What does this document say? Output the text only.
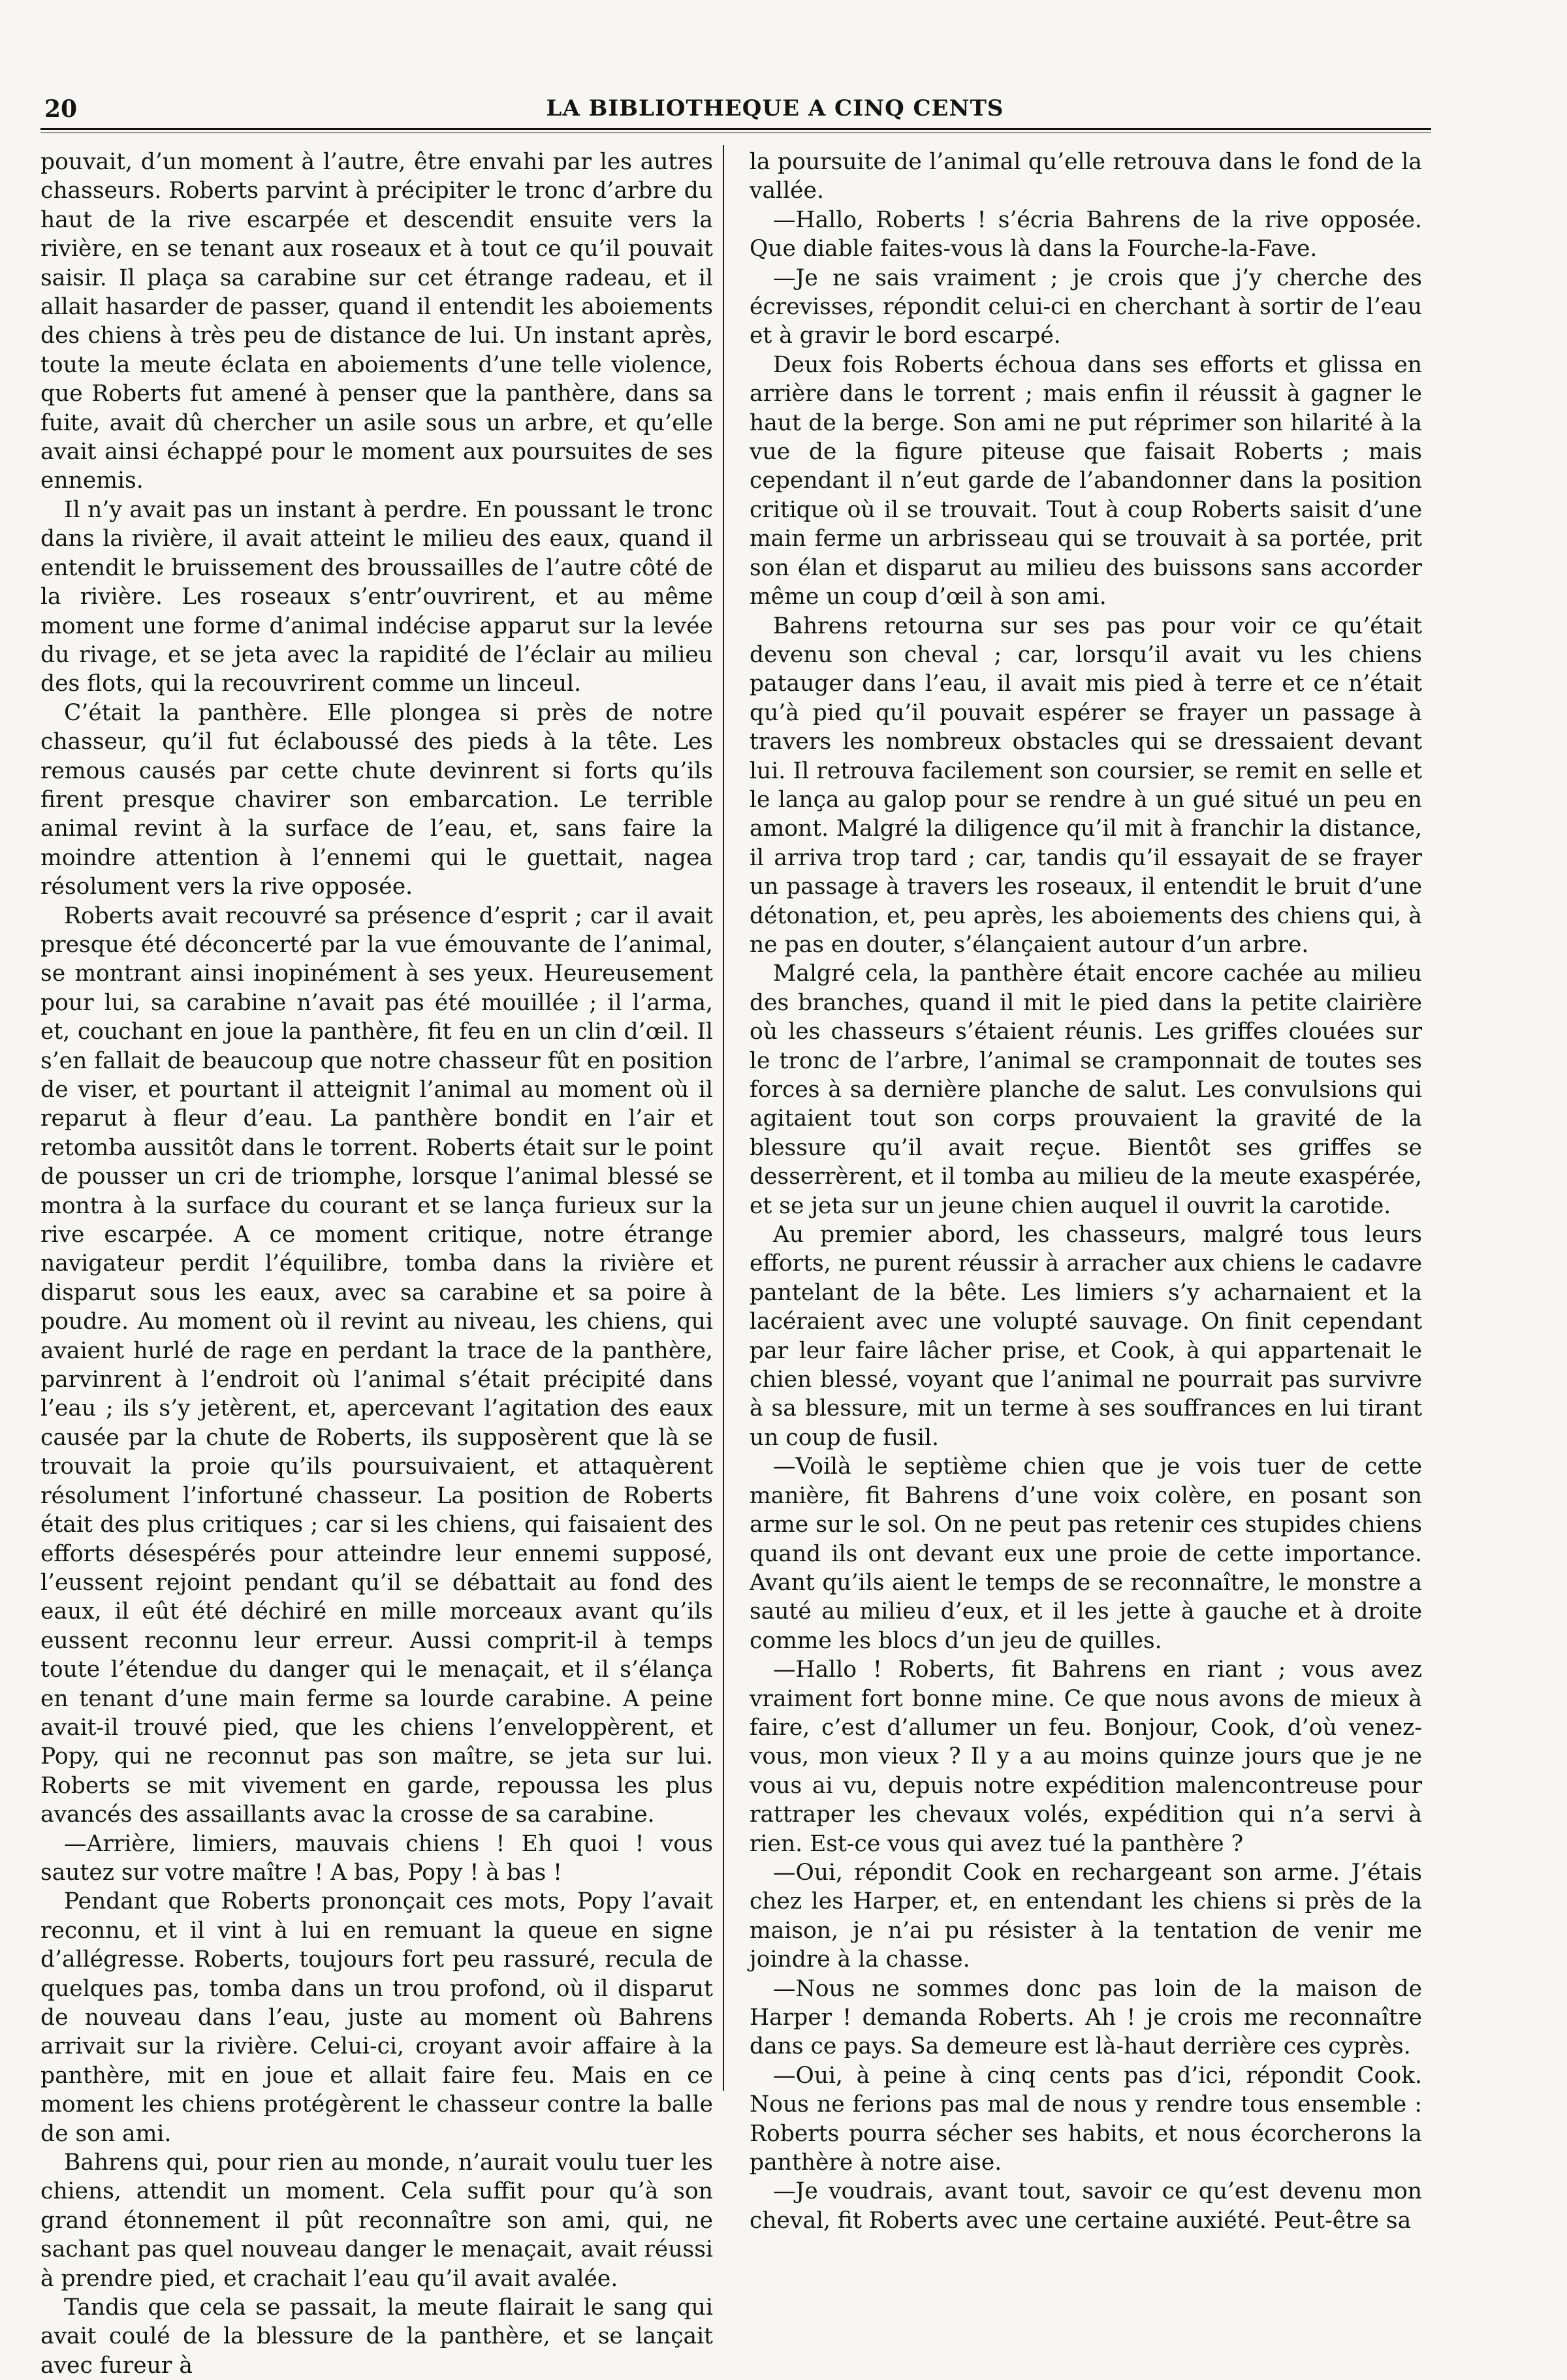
20	LA BIBLIOTHEQUE A CINQ CENTS

pouvait, d’un moment à l’autre, être envahi par les autres chasseurs. Roberts parvint à précipiter le tronc d’arbre du haut de la rive escarpée et descendit ensuite vers la rivière, en se tenant aux roseaux et à tout ce qu’il pouvait saisir. Il plaça sa carabine sur cet étrange radeau, et il allait hasarder de passer, quand il entendit les aboiements des chiens à très peu de distance de lui. Un instant après, toute la meute éclata en aboiements d’une telle violence, que Roberts fut amené à penser que la panthère, dans sa fuite, avait dû chercher un asile sous un arbre, et qu’elle avait ainsi échappé pour le moment aux poursuites de ses ennemis.

Il n’y avait pas un instant à perdre. En poussant le tronc dans la rivière, il avait atteint le milieu des eaux, quand il entendit le bruissement des broussailles de l’autre côté de la rivière. Les roseaux s’entr’ouvrirent, et au même moment une forme d’animal indécise apparut sur la levée du rivage, et se jeta avec la rapidité de l’éclair au milieu des flots, qui la recouvrirent comme un linceul.

C’était la panthère. Elle plongea si près de notre chasseur, qu’il fut éclaboussé des pieds à la tête. Les remous causés par cette chute devinrent si forts qu’ils firent presque chavirer son embarcation. Le terrible animal revint à la surface de l’eau, et, sans faire la moindre attention à l’ennemi qui le guettait, nagea résolument vers la rive opposée.

Roberts avait recouvré sa présence d’esprit ; car il avait presque été déconcerté par la vue émouvante de l’animal, se montrant ainsi inopinément à ses yeux. Heureusement pour lui, sa carabine n’avait pas été mouillée ; il l’arma, et, couchant en joue la panthère, fit feu en un clin d’œil. Il s’en fallait de beaucoup que notre chasseur fût en position de viser, et pourtant il atteignit l’animal au moment où il reparut à fleur d’eau. La panthère bondit en l’air et retomba aussitôt dans le torrent. Roberts était sur le point de pousser un cri de triomphe, lorsque l’animal blessé se montra à la surface du courant et se lança furieux sur la rive escarpée. A ce moment critique, notre étrange navigateur perdit l’équilibre, tomba dans la rivière et disparut sous les eaux, avec sa carabine et sa poire à poudre. Au moment où il revint au niveau, les chiens, qui avaient hurlé de rage en perdant la trace de la panthère, parvinrent à l’endroit où l’animal s’était précipité dans l’eau ; ils s’y jetèrent, et, apercevant l’agitation des eaux causée par la chute de Roberts, ils supposèrent que là se trouvait la proie qu’ils poursuivaient, et attaquèrent résolument l’infortuné chasseur. La position de Roberts était des plus critiques ; car si les chiens, qui faisaient des efforts désespérés pour atteindre leur ennemi supposé, l’eussent rejoint pendant qu’il se débattait au fond des eaux, il eût été déchiré en mille morceaux avant qu’ils eussent reconnu leur erreur. Aussi comprit-il à temps toute l’étendue du danger qui le menaçait, et il s’élança en tenant d’une main ferme sa lourde carabine. A peine avait-il trouvé pied, que les chiens l’enveloppèrent, et Popy, qui ne reconnut pas son maître, se jeta sur lui. Roberts se mit vivement en garde, repoussa les plus avancés des assaillants avac la crosse de sa carabine.

—Arrière, limiers, mauvais chiens ! Eh quoi ! vous sautez sur votre maître ! A bas, Popy ! à bas !

Pendant que Roberts prononçait ces mots, Popy l’avait reconnu, et il vint à lui en remuant la queue en signe d’allégresse. Roberts, toujours fort peu rassuré, recula de quelques pas, tomba dans un trou profond, où il disparut de nouveau dans l’eau, juste au moment où Bahrens arrivait sur la rivière. Celui-ci, croyant avoir affaire à la panthère, mit en joue et allait faire feu. Mais en ce moment les chiens protégèrent le chasseur contre la balle de son ami.

Bahrens qui, pour rien au monde, n’aurait voulu tuer les chiens, attendit un moment. Cela suffit pour qu’à son grand étonnement il pût reconnaître son ami, qui, ne sachant pas quel nouveau danger le menaçait, avait réussi à prendre pied, et crachait l’eau qu’il avait avalée.

Tandis que cela se passait, la meute flairait le sang qui avait coulé de la blessure de la panthère, et se lançait avec fureur à

la poursuite de l’animal qu’elle retrouva dans le fond de la vallée.

—Hallo, Roberts ! s’écria Bahrens de la rive opposée. Que diable faites-vous là dans la Fourche-la-Fave.

—Je ne sais vraiment ; je crois que j’y cherche des écrevisses, répondit celui-ci en cherchant à sortir de l’eau et à gravir le bord escarpé.

Deux fois Roberts échoua dans ses efforts et glissa en arrière dans le torrent ; mais enfin il réussit à gagner le haut de la berge. Son ami ne put réprimer son hilarité à la vue de la figure piteuse que faisait Roberts ; mais cependant il n’eut garde de l’abandonner dans la position critique où il se trouvait. Tout à coup Roberts saisit d’une main ferme un arbrisseau qui se trouvait à sa portée, prit son élan et disparut au milieu des buissons sans accorder même un coup d’œil à son ami.

Bahrens retourna sur ses pas pour voir ce qu’était devenu son cheval ; car, lorsqu’il avait vu les chiens patauger dans l’eau, il avait mis pied à terre et ce n’était qu’à pied qu’il pouvait espérer se frayer un passage à travers les nombreux obstacles qui se dressaient devant lui. Il retrouva facilement son coursier, se remit en selle et le lança au galop pour se rendre à un gué situé un peu en amont. Malgré la diligence qu’il mit à franchir la distance, il arriva trop tard ; car, tandis qu’il essayait de se frayer un passage à travers les roseaux, il entendit le bruit d’une détonation, et, peu après, les aboiements des chiens qui, à ne pas en douter, s’élançaient autour d’un arbre.

Malgré cela, la panthère était encore cachée au milieu des branches, quand il mit le pied dans la petite clairière où les chasseurs s’étaient réunis. Les griffes clouées sur le tronc de l’arbre, l’animal se cramponnait de toutes ses forces à sa dernière planche de salut. Les convulsions qui agitaient tout son corps prouvaient la gravité de la blessure qu’il avait reçue. Bientôt ses griffes se desserrèrent, et il tomba au milieu de la meute exaspérée, et se jeta sur un jeune chien auquel il ouvrit la carotide.

Au premier abord, les chasseurs, malgré tous leurs efforts, ne purent réussir à arracher aux chiens le cadavre pantelant de la bête. Les limiers s’y acharnaient et la lacéraient avec une volupté sauvage. On finit cependant par leur faire lâcher prise, et Cook, à qui appartenait le chien blessé, voyant que l’animal ne pourrait pas survivre à sa blessure, mit un terme à ses souffrances en lui tirant un coup de fusil.

—Voilà le septième chien que je vois tuer de cette manière, fit Bahrens d’une voix colère, en posant son arme sur le sol. On ne peut pas retenir ces stupides chiens quand ils ont devant eux une proie de cette importance. Avant qu’ils aient le temps de se reconnaître, le monstre a sauté au milieu d’eux, et il les jette à gauche et à droite comme les blocs d’un jeu de quilles.

—Hallo ! Roberts, fit Bahrens en riant ; vous avez vraiment fort bonne mine. Ce que nous avons de mieux à faire, c’est d’allumer un feu. Bonjour, Cook, d’où venez-vous, mon vieux ? Il y a au moins quinze jours que je ne vous ai vu, depuis notre expédition malencontreuse pour rattraper les chevaux volés, expédition qui n’a servi à rien. Est-ce vous qui avez tué la panthère ?

—Oui, répondit Cook en rechargeant son arme. J’étais chez les Harper, et, en entendant les chiens si près de la maison, je n’ai pu résister à la tentation de venir me joindre à la chasse.

—Nous ne sommes donc pas loin de la maison de Harper ! demanda Roberts. Ah ! je crois me reconnaître dans ce pays. Sa demeure est là-haut derrière ces cyprès.

—Oui, à peine à cinq cents pas d’ici, répondit Cook. Nous ne ferions pas mal de nous y rendre tous ensemble : Roberts pourra sécher ses habits, et nous écorcherons la panthère à notre aise.

—Je voudrais, avant tout, savoir ce qu’est devenu mon cheval, fit Roberts avec une certaine auxiété. Peut-être sa
